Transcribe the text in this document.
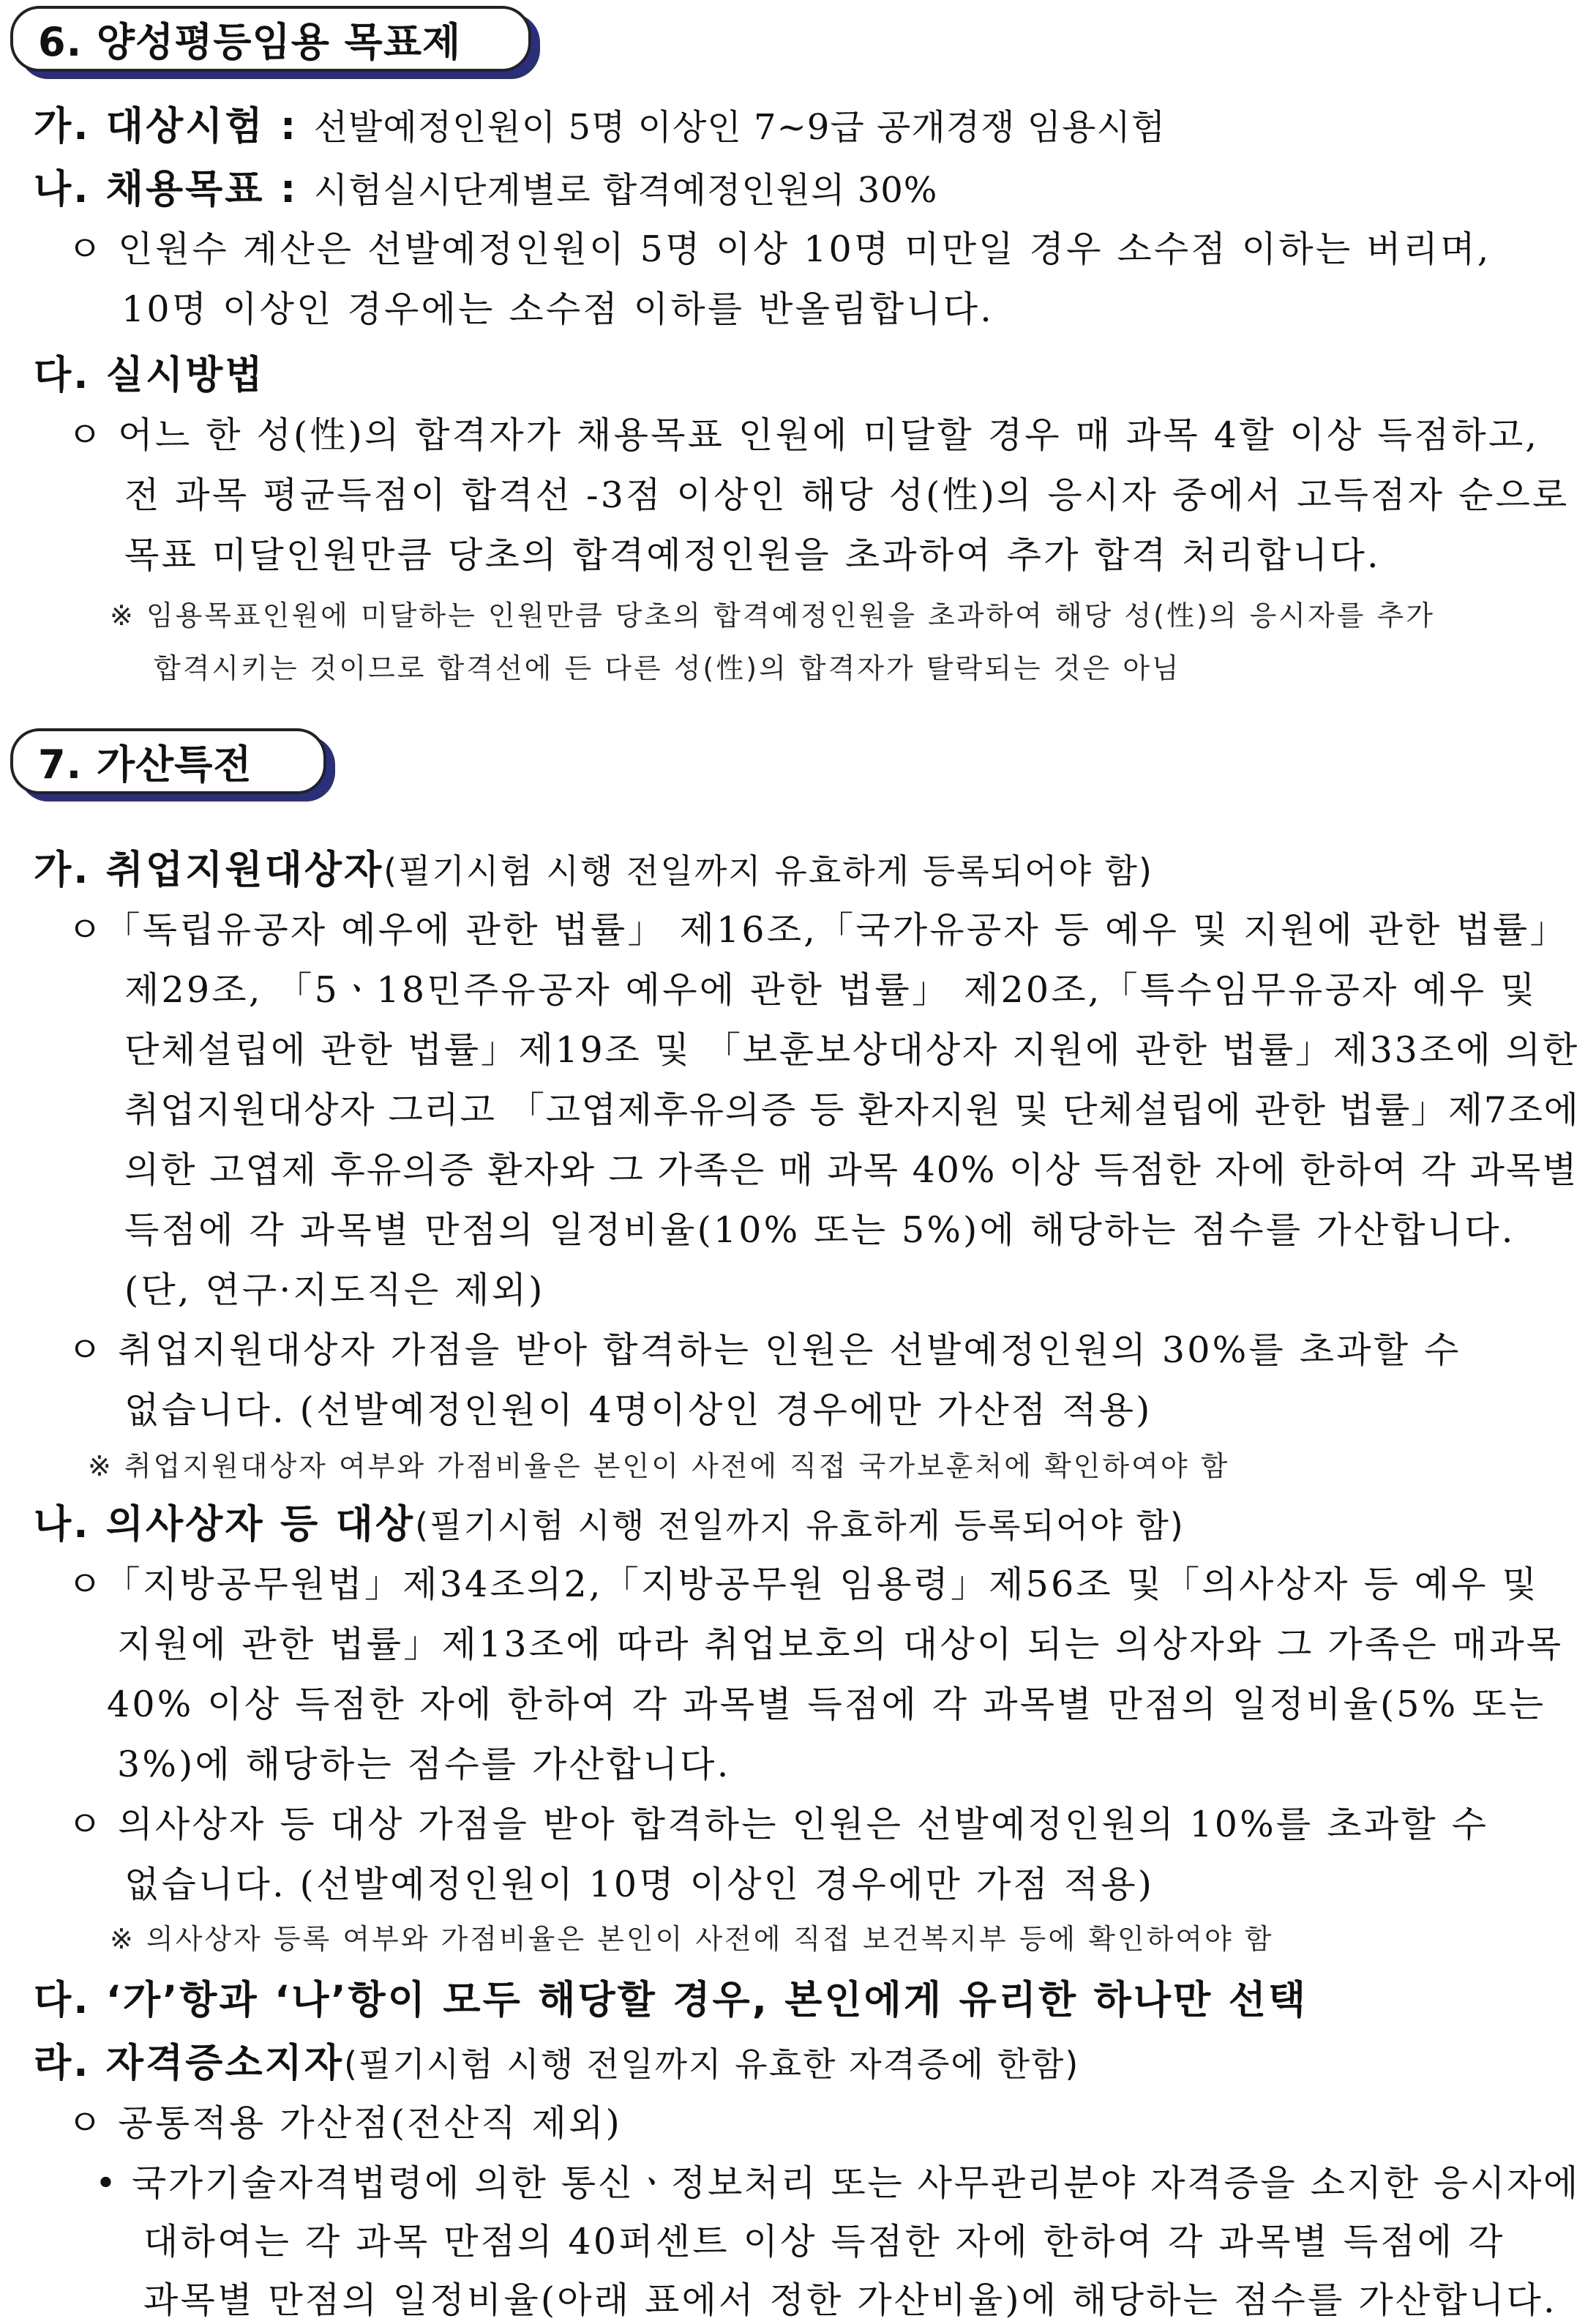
6. 양성평등임용 목표제
가. 대상시험 : 선발예정인원이 5명 이상인 7~9급 공개경쟁 임용시험
나. 채용목표 : 시험실시단계별로 합격예정인원의 30%
ㅇ 인원수 계산은 선발예정인원이 5명 이상 10명 미만일 경우 소수점 이하는 버리며,
10명 이상인 경우에는 소수점 이하를 반올림합니다.
다. 실시방법
ㅇ 어느 한 성(性)의 합격자가 채용목표 인원에 미달할 경우 매 과목 4할 이상 득점하고,
전 과목 평균득점이 합격선 -3점 이상인 해당 성(性)의 응시자 중에서 고득점자 순으로
목표 미달인원만큼 당초의 합격예정인원을 초과하여 추가 합격 처리합니다.
※ 임용목표인원에 미달하는 인원만큼 당초의 합격예정인원을 초과하여 해당 성(性)의 응시자를 추가
합격시키는 것이므로 합격선에 든 다른 성(性)의 합격자가 탈락되는 것은 아님
7. 가산특전
가. 취업지원대상자(필기시험 시행 전일까지 유효하게 등록되어야 함)
ㅇ「독립유공자 예우에 관한 법률」 제16조,「국가유공자 등 예우 및 지원에 관한 법률」
제29조, 「5ㆍ18민주유공자 예우에 관한 법률」 제20조,「특수임무유공자 예우 및
단체설립에 관한 법률」제19조 및 「보훈보상대상자 지원에 관한 법률」제33조에 의한
취업지원대상자 그리고 「고엽제후유의증 등 환자지원 및 단체설립에 관한 법률」제7조에
의한 고엽제 후유의증 환자와 그 가족은 매 과목 40% 이상 득점한 자에 한하여 각 과목별
득점에 각 과목별 만점의 일정비율(10% 또는 5%)에 해당하는 점수를 가산합니다.
(단, 연구·지도직은 제외)
ㅇ 취업지원대상자 가점을 받아 합격하는 인원은 선발예정인원의 30%를 초과할 수
없습니다. (선발예정인원이 4명이상인 경우에만 가산점 적용)
※ 취업지원대상자 여부와 가점비율은 본인이 사전에 직접 국가보훈처에 확인하여야 함
나. 의사상자 등 대상(필기시험 시행 전일까지 유효하게 등록되어야 함)
ㅇ「지방공무원법」제34조의2,「지방공무원 임용령」제56조 및「의사상자 등 예우 및
지원에 관한 법률」제13조에 따라 취업보호의 대상이 되는 의상자와 그 가족은 매과목
40% 이상 득점한 자에 한하여 각 과목별 득점에 각 과목별 만점의 일정비율(5% 또는
3%)에 해당하는 점수를 가산합니다.
ㅇ 의사상자 등 대상 가점을 받아 합격하는 인원은 선발예정인원의 10%를 초과할 수
없습니다. (선발예정인원이 10명 이상인 경우에만 가점 적용)
※ 의사상자 등록 여부와 가점비율은 본인이 사전에 직접 보건복지부 등에 확인하여야 함
다. ‘가’항과 ‘나’항이 모두 해당할 경우, 본인에게 유리한 하나만 선택
라. 자격증소지자(필기시험 시행 전일까지 유효한 자격증에 한함)
ㅇ 공통적용 가산점(전산직 제외)
• 국가기술자격법령에 의한 통신ㆍ정보처리 또는 사무관리분야 자격증을 소지한 응시자에
대하여는 각 과목 만점의 40퍼센트 이상 득점한 자에 한하여 각 과목별 득점에 각
과목별 만점의 일정비율(아래 표에서 정한 가산비율)에 해당하는 점수를 가산합니다.
